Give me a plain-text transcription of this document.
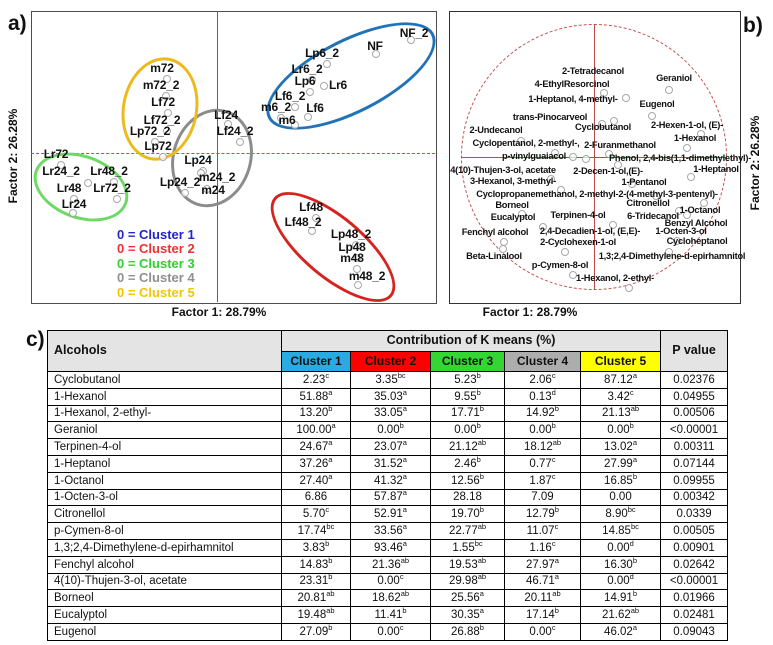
a)
Factor 1: 28.79%
Factor 2: 26.28%
0 = Cluster 1
0 = Cluster 2
0 = Cluster 3
0 = Cluster 4
0 = Cluster 5
b)
Factor 1: 28.79%
Factor 2: 26.28%
c) Alcohols	Contribution of K means (%)					P value
	Cluster 1	Cluster 2	Cluster 3	Cluster 4	Cluster 5	
Cyclobutanol	2.23$^c$	3.35$^{bc}$	5.23$^b$	2.06$^c$	87.12$^a$	0.02376
1-Hexanol	51.88$^a$	35.03$^a$	9.55$^b$	0.13$^d$	3.42$^c$	0.04955
1-Hexanol, 2-ethyl-	13.20$^b$	33.05$^a$	17.71$^b$	14.92$^b$	21.13$^{ab}$	0.00506
Geraniol	100.00$^a$	0.00$^b$	0.00$^b$	0.00$^b$	0.00$^b$	<0.00001
Terpinen-4-ol	24.67$^a$	23.07$^a$	21.12$^{ab}$	18.12$^{ab}$	13.02$^a$	0.00311
1-Heptanol	37.26$^a$	31.52$^a$	2.46$^b$	0.77$^c$	27.99$^a$	0.07144
1-Octanol	27.40$^a$	41.32$^a$	12.56$^b$	1.87$^c$	16.85$^b$	0.09955
1-Octen-3-ol	6.86	57.87$^a$	28.18	7.09	0.00	0.00342
Citronellol	5.70$^c$	52.91$^a$	19.70$^b$	12.79$^b$	8.90$^{bc}$	0.0339
p-Cymen-8-ol	17.74$^{bc}$	33.56$^a$	22.77$^{ab}$	11.07$^c$	14.85$^{bc}$	0.00505
1,3;2,4-Dimethylene-d-epirhamnitol	3.83$^b$	93.46$^a$	1.55$^{bc}$	1.16$^c$	0.00$^d$	0.00901
Fenchyl alcohol	14.83$^b$	21.36$^{ab}$	19.53$^{ab}$	27.97$^a$	16.30$^b$	0.02642
4(10)-Thujen-3-ol, acetate	23.31$^b$	0.00$^c$	29.98$^{ab}$	46.71$^a$	0.00$^d$	<0.00001
Borneol	20.81$^{ab}$	18.62$^{ab}$	25.56$^a$	20.11$^{ab}$	14.91$^b$	0.01966
Eucalyptol	19.48$^{ab}$	11.41$^b$	30.35$^a$	17.14$^b$	21.62$^{ab}$	0.02481
Eugenol	27.09$^b$	0.00$^c$	26.88$^b$	0.00$^c$	46.02$^a$	0.09043
NF_2
NF
Lp6_2
Lr6_2
Lp6 Lr6
Lf6_2
m6_2 Lf6
m6
Lf48
Lf48_2
Lp48_2
Lp48
m48
m48_2
Lr72
Lr24_2 Lr48_2
Lr48 Lr72_2
Lr24
Lf24
Lf24_2
Lp24
m24_2
Lp24_2
m24
m72
m72_2
Lf72
Lf72_2
Lp72_2
Lp72
2-Tetradecanol
Geraniol
4-EthylResorcinol
1-Heptanol, 4-methyl- Eugenol
trans-Pinocarveol
2-Hexen-1-ol, (E)-
2-Undecanol	Cyclobutanol
1-Hexanol
Cyclopentanol, 2-methyl-, 2-Furanmethanol
p-vinylguaiacol	Phenol, 2,4-bis(1,1-dimethylethyl)-
4(10)-Thujen-3-ol, acetate 2-Decen-1-ol,(E)-	1-Heptanol
3-Hexanol, 3-methyl-	1-Pentanol
Cyclopropanemethanol, 2-methyl-2-(4-methyl-3-pentenyl)-
Citronellol
Borneol	1-Octanol
Eucalyptol Terpinen-4-ol 6-Tridecanol
Benzyl Alcohol
Fenchyl alcohol 2,4-Decadien-1-ol, (E,E)- 1-Octen-3-ol
2-Cyclohexen-1-ol	Cycloheptanol
Beta-Linalool	1,3;2,4-Dimethylene-d-epirhamnitol
p-Cymen-8-ol
1-Hexanol, 2-ethyl-
